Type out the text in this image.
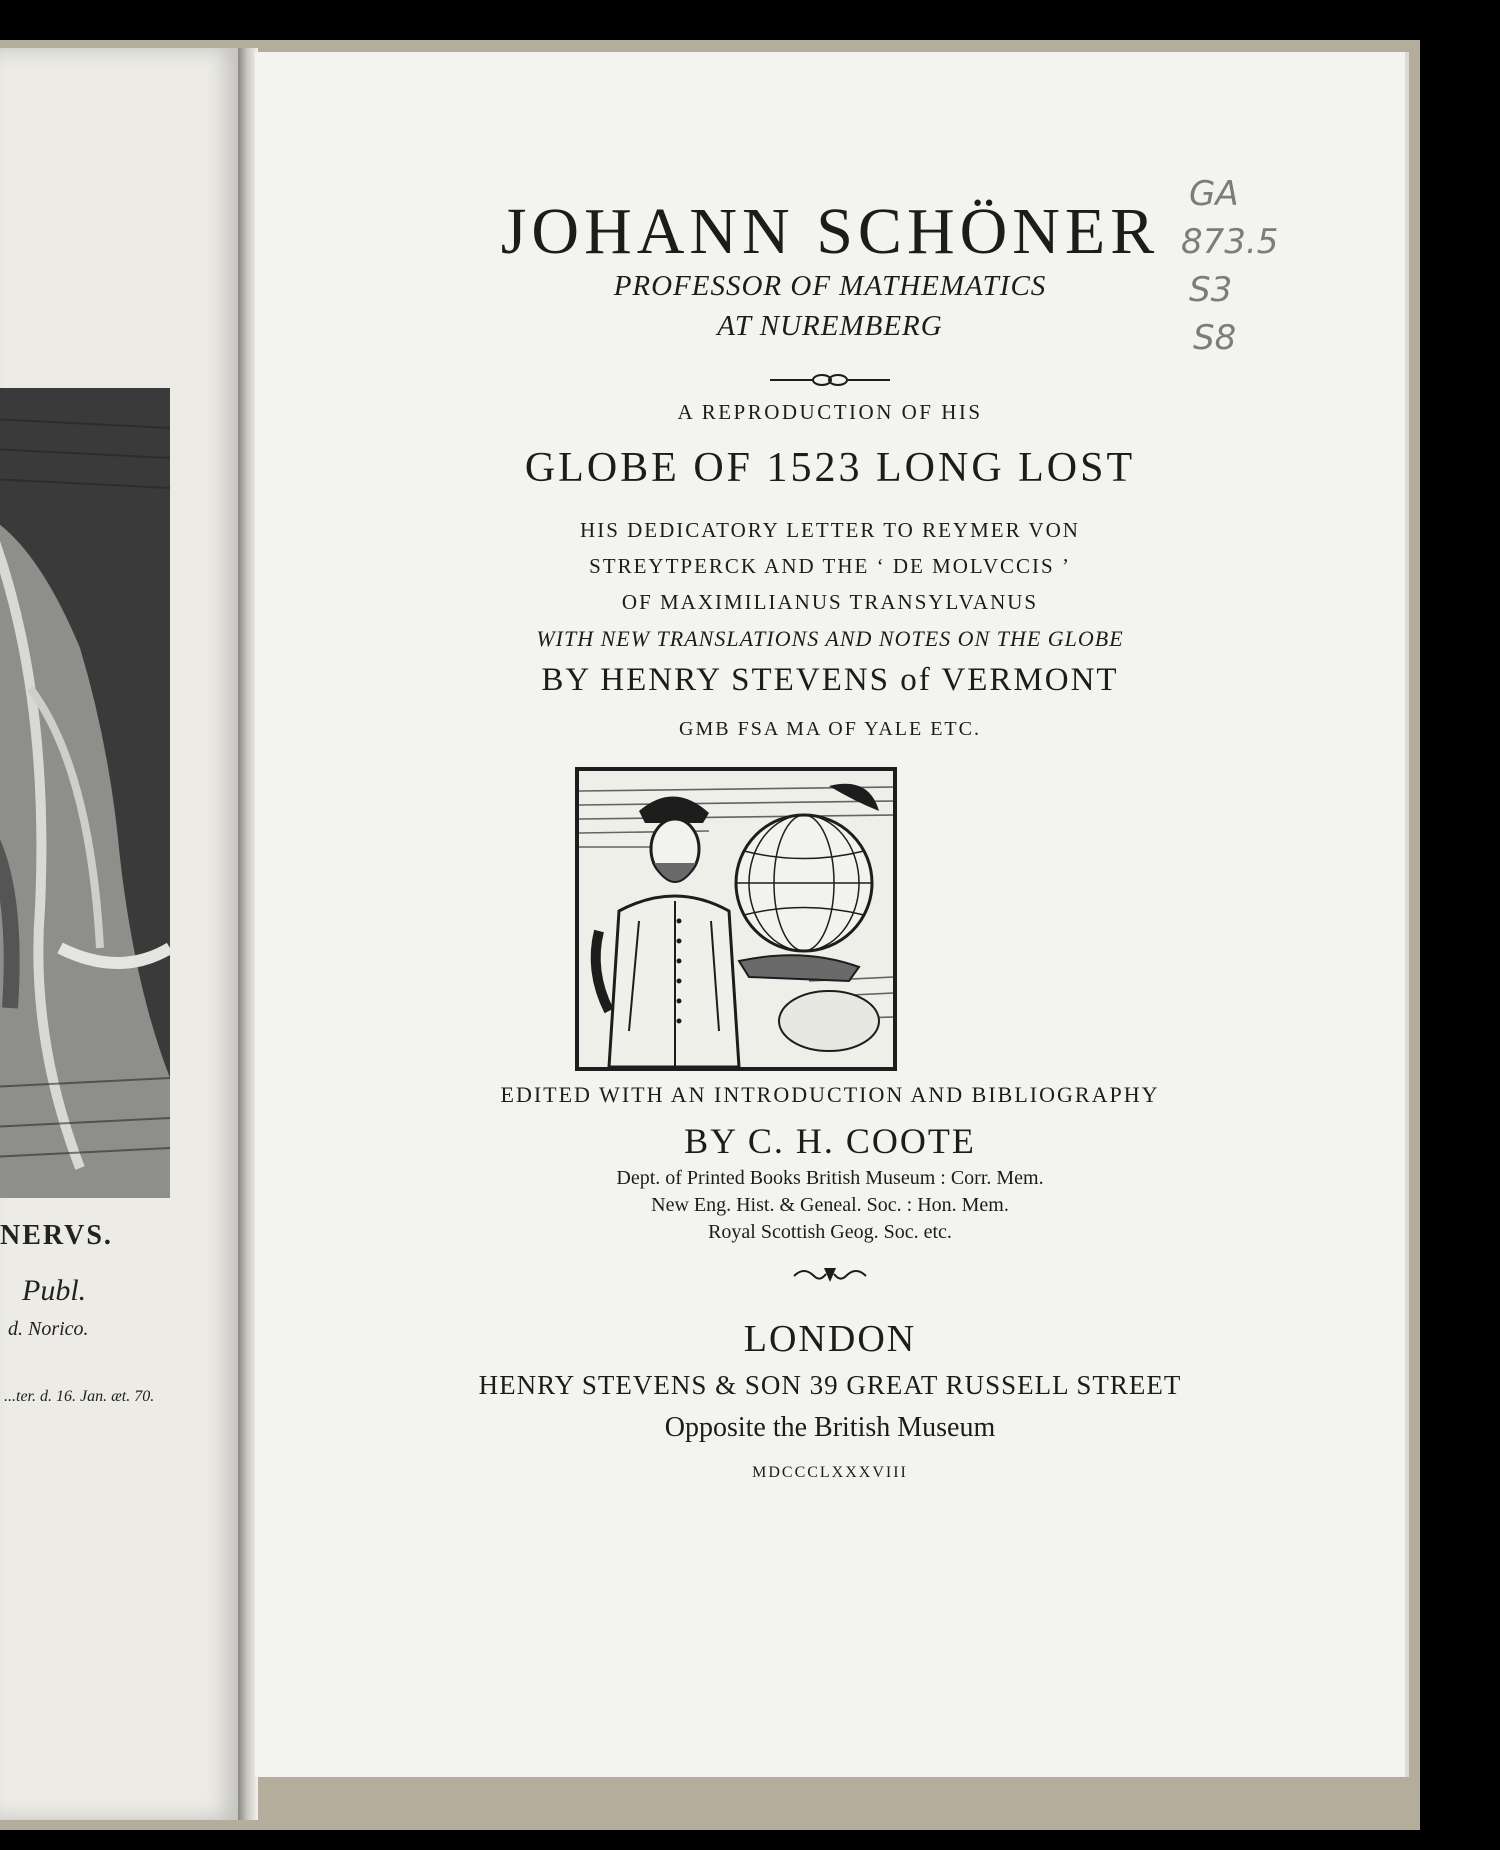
NERVS.
Publ.
d. Norico.
...ter. d. 16. Jan. æt. 70.
JOHANN SCHÖNER
PROFESSOR OF MATHEMATICS
AT NUREMBERG
A REPRODUCTION OF HIS
GLOBE OF 1523 LONG LOST
HIS DEDICATORY LETTER TO REYMER VON
STREYTPERCK AND THE ‘ DE MOLVCCIS ’
OF MAXIMILIANUS TRANSYLVANUS
WITH NEW TRANSLATIONS AND NOTES ON THE GLOBE
BY HENRY STEVENS of VERMONT
GMB FSA MA OF YALE ETC.
EDITED WITH AN INTRODUCTION AND BIBLIOGRAPHY
BY C. H. COOTE
Dept. of Printed Books British Museum : Corr. Mem.
New Eng. Hist. & Geneal. Soc. : Hon. Mem.
Royal Scottish Geog. Soc. etc.
LONDON
HENRY STEVENS & SON 39 GREAT RUSSELL STREET
Opposite the British Museum
MDCCCLXXXVIII
GA
873.5
S3
S8
